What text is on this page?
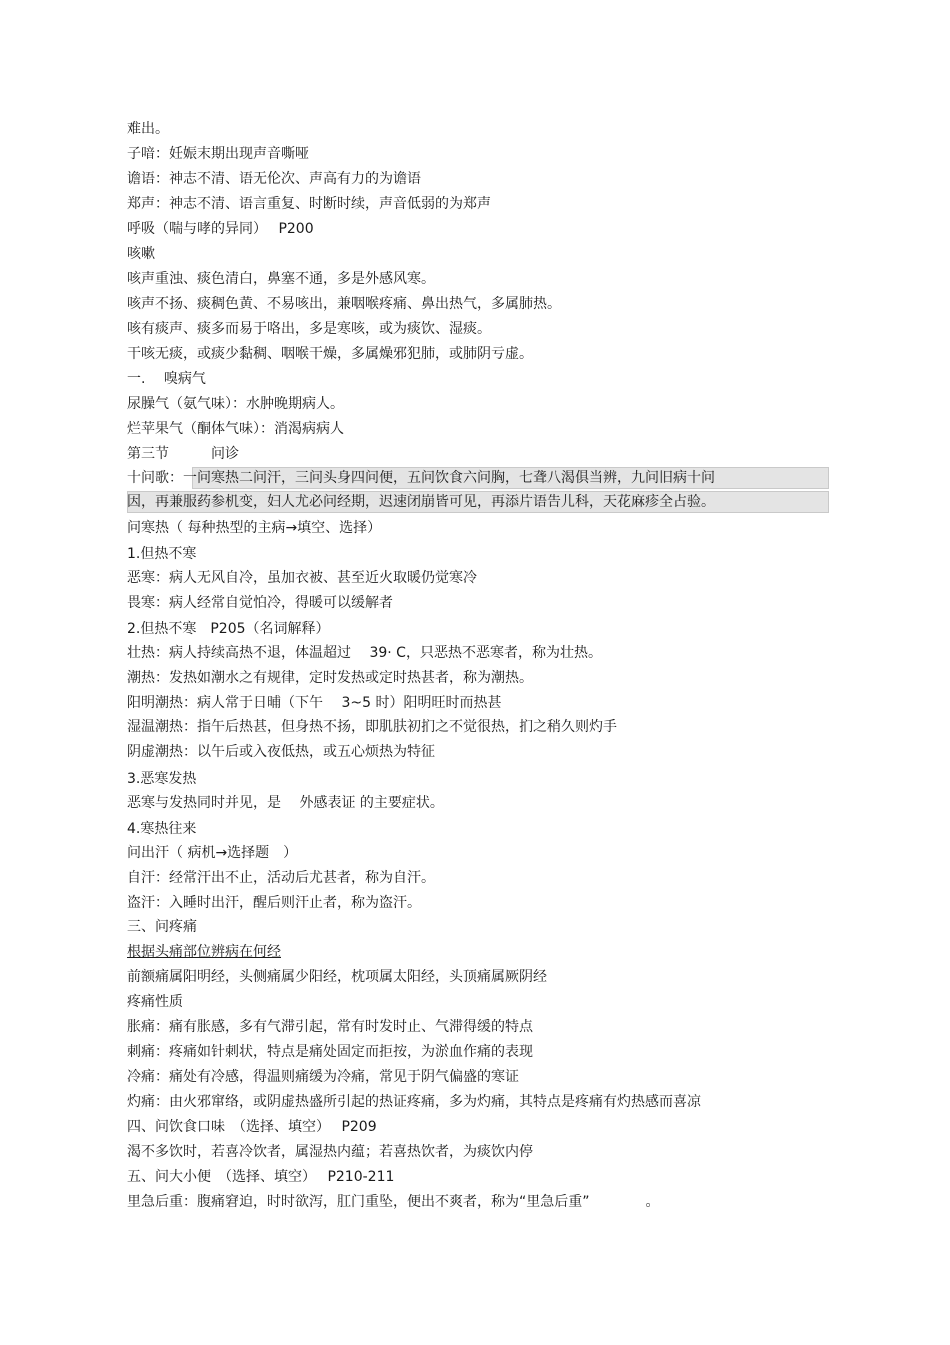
难出。
子喑：妊娠末期出现声音嘶哑
谵语：神志不清、语无伦次、声高有力的为谵语
郑声：神志不清、语言重复、时断时续，声音低弱的为郑声
呼吸（喘与哮的异同）　 P200
咳嗽
咳声重浊、痰色清白，鼻塞不通，多是外感风寒。
咳声不扬、痰稠色黄、不易咳出，兼咽喉疼痛、鼻出热气，多属肺热。
咳有痰声、痰多而易于咯出，多是寒咳，或为痰饮、湿痰。
干咳无痰，或痰少黏稠、咽喉干燥，多属燥邪犯肺，或肺阴亏虚。
一.　 嗅病气
尿臊气（氨气味）：水肿晚期病人。
烂苹果气（酮体气味）：消渴病病人
第三节　　　问诊
十问歌：一问寒热二问汗，三问头身四问便，五问饮食六问胸，七聋八渴俱当辨，九问旧病十问
因，再兼服药参机变，妇人尤必问经期，迟速闭崩皆可见，再添片语告儿科，天花麻疹全占验。
问寒热（ 每种热型的主病→填空、选择）
1.但热不寒
恶寒：病人无风自冷，虽加衣被、甚至近火取暖仍觉寒冷
畏寒：病人经常自觉怕冷，得暖可以缓解者
2.但热不寒　P205（名词解释）
壮热：病人持续高热不退，体温超过　 39· C，只恶热不恶寒者，称为壮热。
潮热：发热如潮水之有规律，定时发热或定时热甚者，称为潮热。
阳明潮热：病人常于日晡（下午　 3~5 时）阳明旺时而热甚
湿温潮热：指午后热甚，但身热不扬，即肌肤初扪之不觉很热，扪之稍久则灼手
阴虚潮热：以午后或入夜低热，或五心烦热为特征
3.恶寒发热
恶寒与发热同时并见，是　 外感表证 的主要症状。
4.寒热往来
问出汗（ 病机→选择题　）
自汗：经常汗出不止，活动后尤甚者，称为自汗。
盗汗：入睡时出汗，醒后则汗止者，称为盗汗。
三、问疼痛
根据头痛部位辨病在何经
前额痛属阳明经，头侧痛属少阳经，枕项属太阳经，头顶痛属厥阴经
疼痛性质
胀痛：痛有胀感，多有气滞引起，常有时发时止、气滞得缓的特点
刺痛：疼痛如针刺状，特点是痛处固定而拒按，为淤血作痛的表现
冷痛：痛处有冷感，得温则痛缓为冷痛，常见于阴气偏盛的寒证
灼痛：由火邪窜络，或阴虚热盛所引起的热证疼痛，多为灼痛，其特点是疼痛有灼热感而喜凉
四、问饮食口味　（选择、填空）　 P209
渴不多饮时，若喜冷饮者，属湿热内蕴；若喜热饮者，为痰饮内停
五、问大小便　（选择、填空）　 P210-211
里急后重：腹痛窘迫，时时欲泻，肛门重坠，便出不爽者，称为“里急后重”　　　　。
